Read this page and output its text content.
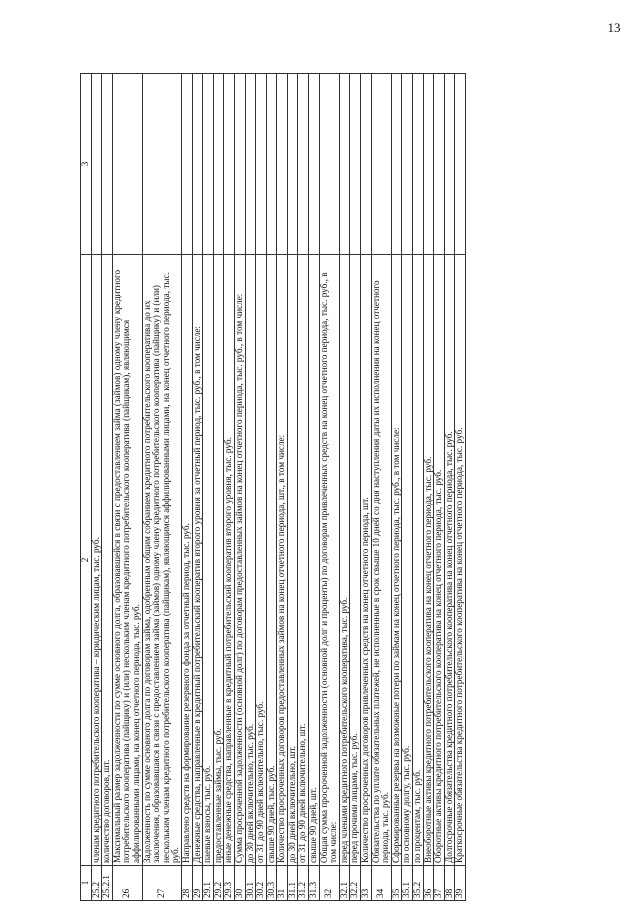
13
1	2	3
25.2	членам кредитного потребительского кооператива – юридическим лицам, тыс. руб.	
25.2.1	количество договоров, шт.	
26	Максимальный размер задолженности по сумме основного долга, образовавшейся в связи с предоставлением займа (займов) одному члену кредитного потребительского кооператива (пайщику) и (или) нескольким членам кредитного потребительского кооператива (пайщикам), являющимся аффилированными лицами, на конец отчетного периода, тыс. руб.	
27	Задолженность по сумме основного долга по договорам займа, одобренным общим собранием кредитного потребительского кооператива до их заключения, образовавшаяся в связи с предоставлением займа (займов) одному члену кредитного потребительского кооператива (пайщику) и (или) нескольким членам кредитного потребительского кооператива (пайщикам), являющимся аффилированными лицами, на конец отчетного периода, тыс. руб.	
28	Направлено средств на формирование резервного фонда за отчетный период, тыс. руб.	
29	Денежные средства, направленные в кредитный потребительский кооператив второго уровня за отчетный период, тыс. руб., в том числе:	
29.1	паевые взносы, тыс. руб.	
29.2	предоставленные займы, тыс. руб.	
29.3	иные денежные средства, направленные в кредитный потребительский кооператив второго уровня, тыс. руб.	
30	Сумма просроченной задолженности (основной долг) по договорам предоставленных займов на конец отчетного периода, тыс. руб., в том числе:	
30.1	до 30 дней включительно, тыс. руб.	
30.2	от 31 до 90 дней включительно, тыс. руб.	
30.3	свыше 90 дней, тыс. руб.	
31	Количество просроченных договоров предоставленных займов на конец отчетного периода, шт., в том числе:	
31.1	до 30 дней включительно, шт.	
31.2	от 31 до 90 дней включительно, шт.	
31.3	свыше 90 дней, шт.	
32	Общая сумма просроченной задолженности (основной долг и проценты) по договорам привлеченных средств на конец отчетного периода, тыс. руб., в том числе:	
32.1	перед членами кредитного потребительского кооператива, тыс. руб.	
32.2	перед прочими лицами, тыс. руб.	
33	Количество просроченных договоров привлеченных средств на конец отчетного периода, шт.	
34	Обязательства по уплате обязательных платежей, не исполненные в срок свыше 10 дней со дня наступления даты их исполнения на конец отчетного периода, тыс. руб.	
35	Сформированные резервы на возможные потери по займам на конец отчетного периода, тыс. руб., в том числе:	
35.1	по основному долгу, тыс. руб.	
35.2	по процентам, тыс. руб.	
36	Внеоборотные активы кредитного потребительского кооператива на конец отчетного периода, тыс. руб.	
37	Оборотные активы кредитного потребительского кооператива на конец отчетного периода, тыс. руб.	
38	Долгосрочные обязательства кредитного потребительского кооператива на конец отчетного периода, тыс. руб.	
39	Краткосрочные обязательства кредитного потребительского кооператива на конец отчетного периода, тыс. руб.	
